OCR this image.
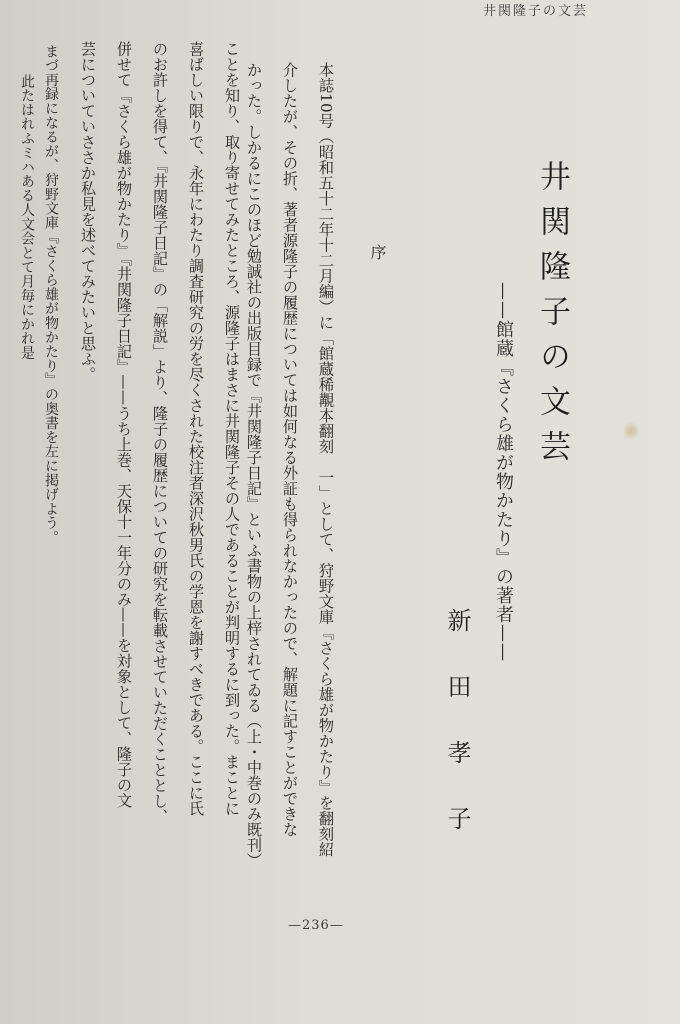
井関隆子の文芸
井関隆子の文芸
——館蔵『さくら雄が物かたり』の著者——
新田孝子
序
本誌10号（昭和五十二年十二月編）に「館蔵稀覯本翻刻　一」として、狩野文庫『さくら雄が物かたり』を翻刻紹
介したが、その折、著者源隆子の履歴については如何なる外証も得られなかったので、解題に記すことができな
かった。しかるにこのほど勉誠社の出版目録で『井関隆子日記』といふ書物の上梓されてゐる（上・中巻のみ既刊）
ことを知り、取り寄せてみたところ、源隆子はまさに井関隆子その人であることが判明するに到った。まことに
喜ばしい限りで、永年にわたり調査研究の労を尽くされた校注者深沢秋男氏の学恩を謝すべきである。ここに氏
のお許しを得て、『井関隆子日記』の「解説」より、隆子の履歴についての研究を転載させていただくこととし、
併せて『さくら雄が物かたり』『井関隆子日記』——うち上巻、天保十一年分のみ——を対象として、隆子の文
芸についていささか私見を述べてみたいと思ふ。
まづ再録になるが、狩野文庫『さくら雄が物かたり』の奥書を左に掲げよう。
此たはれふミハある人文会とて月毎にかれ是
—236—
